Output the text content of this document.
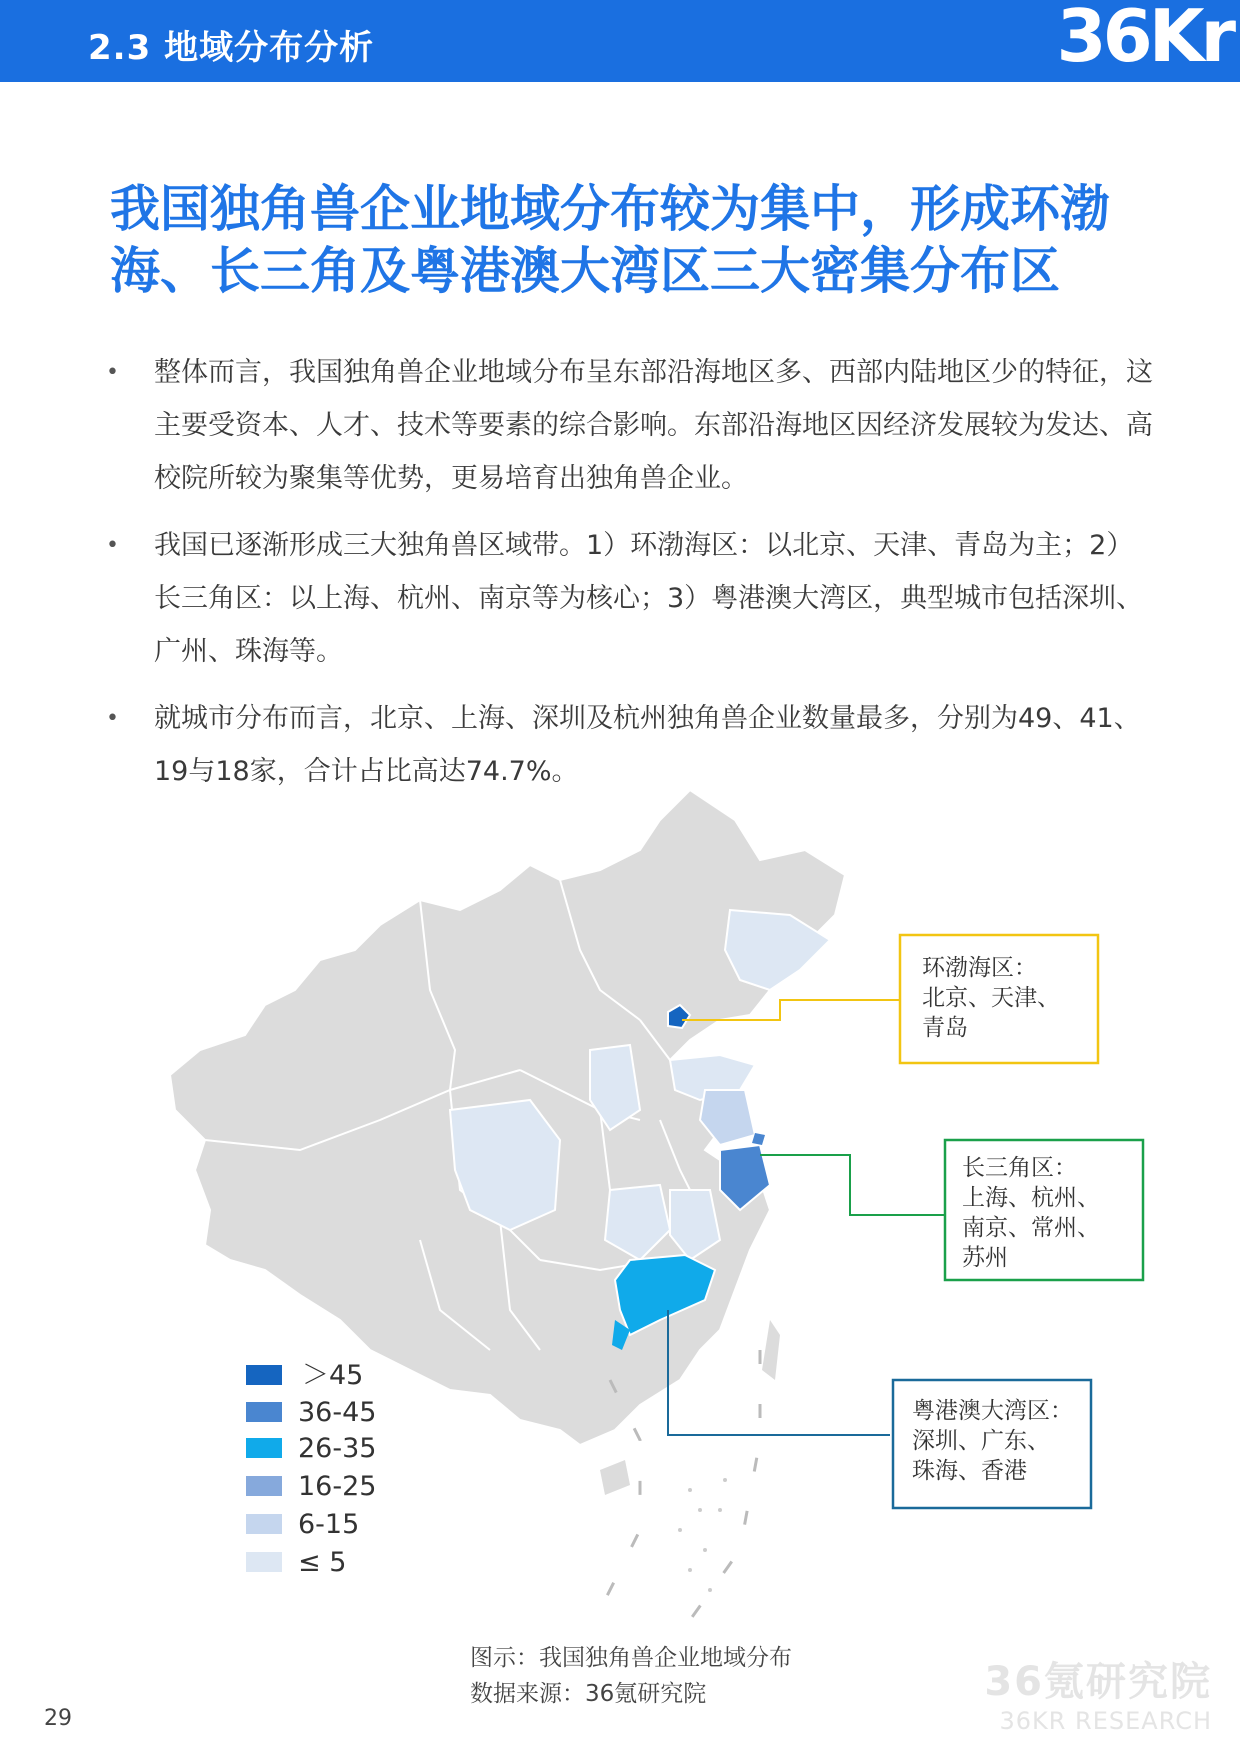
2.3 地域分布分析	36Kr
我国独角兽企业地域分布较为集中，形成环渤海、长三角及粤港澳大湾区三大密集分布区
• 整体而言，我国独角兽企业地域分布呈东部沿海地区多、西部内陆地区少的特征，这主要受资本、人才、技术等要素的综合影响。东部沿海地区因经济发展较为发达、高校院所较为聚集等优势，更易培育出独角兽企业。
• 我国已逐渐形成三大独角兽区域带。1）环渤海区：以北京、天津、青岛为主；2）长三角区：以上海、杭州、南京等为核心；3）粤港澳大湾区，典型城市包括深圳、广州、珠海等。
• 就城市分布而言，北京、上海、深圳及杭州独角兽企业数量最多，分别为49、41、19与18家，合计占比高达74.7%。
环渤海区：
北京、天津、
青岛
长三角区：
上海、杭州、
南京、常州、
苏州
粤港澳大湾区：
深圳、广东、
珠海、香港
＞45
36-45
26-35
16-25
6-15
≤ 5
图示：我国独角兽企业地域分布
数据来源：36氪研究院	36氪研究院
36KR RESEARCH
29
